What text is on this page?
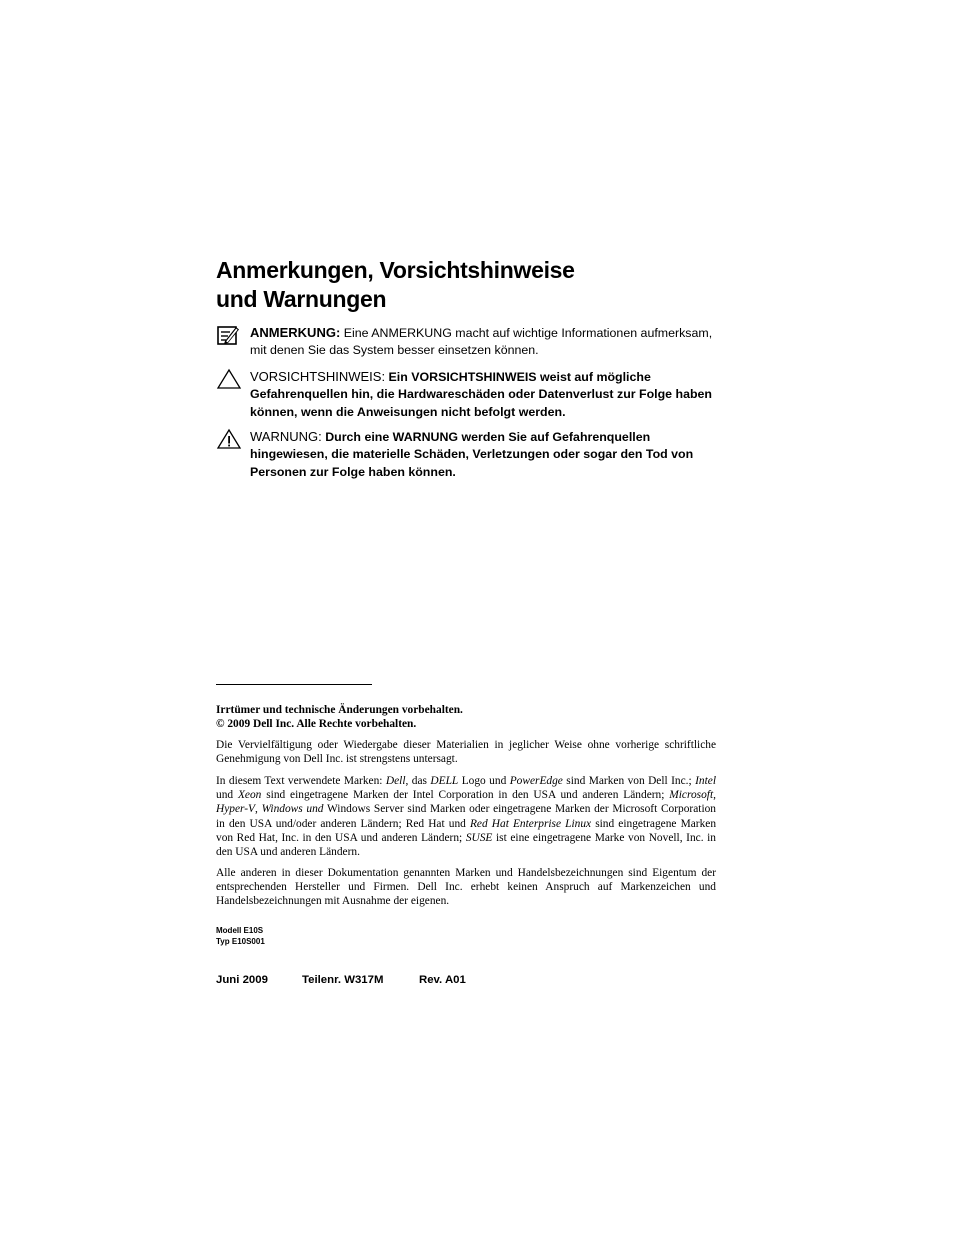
Anmerkungen, Vorsichtshinweise
und Warnungen
ANMERKUNG: Eine ANMERKUNG macht auf wichtige Informationen aufmerksam, mit denen Sie das System besser einsetzen können.
VORSICHTSHINWEIS: Ein VORSICHTSHINWEIS weist auf mögliche Gefahrenquellen hin, die Hardwareschäden oder Datenverlust zur Folge haben können, wenn die Anweisungen nicht befolgt werden.
WARNUNG: Durch eine WARNUNG werden Sie auf Gefahrenquellen hingewiesen, die materielle Schäden, Verletzungen oder sogar den Tod von Personen zur Folge haben können.
Irrtümer und technische Änderungen vorbehalten.
© 2009 Dell Inc. Alle Rechte vorbehalten.
Die Vervielfältigung oder Wiedergabe dieser Materialien in jeglicher Weise ohne vorherige schriftliche Genehmigung von Dell Inc. ist strengstens untersagt.
In diesem Text verwendete Marken: Dell, das DELL Logo und PowerEdge sind Marken von Dell Inc.; Intel und Xeon sind eingetragene Marken der Intel Corporation in den USA und anderen Ländern; Microsoft, Hyper-V, Windows und Windows Server sind Marken oder eingetragene Marken der Microsoft Corporation in den USA und/oder anderen Ländern; Red Hat und Red Hat Enterprise Linux sind eingetragene Marken von Red Hat, Inc. in den USA und anderen Ländern; SUSE ist eine eingetragene Marke von Novell, Inc. in den USA und anderen Ländern.
Alle anderen in dieser Dokumentation genannten Marken und Handelsbezeichnungen sind Eigentum der entsprechenden Hersteller und Firmen. Dell Inc. erhebt keinen Anspruch auf Markenzeichen und Handelsbezeichnungen mit Ausnahme der eigenen.
Modell E10S
Typ E10S001
Juni 2009	Teilenr. W317M	Rev. A01
